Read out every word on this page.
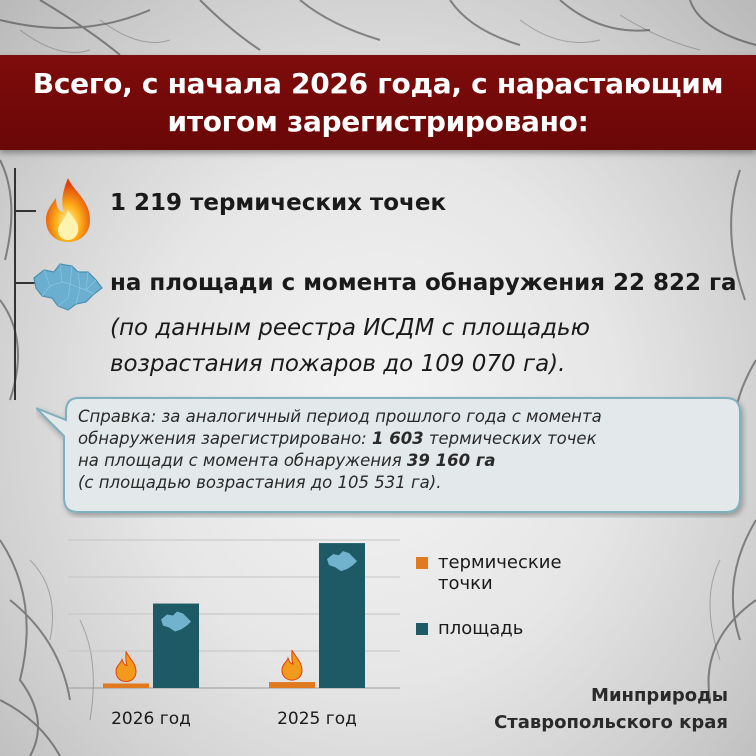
Всего, с начала 2026 года, с нарастающим
итогом зарегистрировано:
1 219 термических точек
на площади с момента обнаружения 22 822 га
(по данным реестра ИСДМ с площадью возрастания пожаров до 109 070 га).
Справка: за аналогичный период прошлого года с момента
обнаружения зарегистрировано: 1 603 термических точек
на площади с момента обнаружения 39 160 га
(с площадью возрастания до 105 531 га).
2026 год	2025 год
термические
точки
площадь
Минприроды
Ставропольского края
